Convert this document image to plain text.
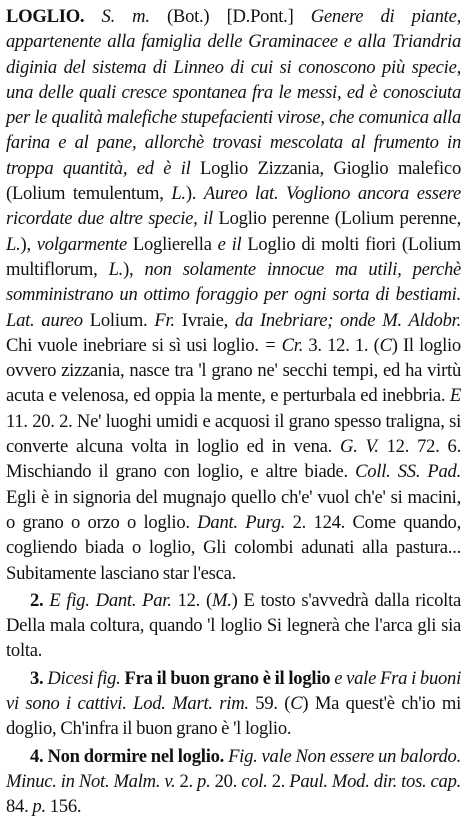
LOGLIO. S. m. (Bot.) [D.Pont.] Genere di piante, appartenente alla famiglia delle Graminacee e alla Triandria diginia del sistema di Linneo di cui si conoscono più specie, una delle quali cresce spontanea fra le messi, ed è conosciuta per le qualità malefiche stupefacienti virose, che comunica alla farina e al pane, allorchè trovasi mescolata al frumento in troppa quantità, ed è il Loglio Zizzania, Gioglio malefico (Lolium temulentum, L.). Aureo lat. Vogliono ancora essere ricordate due altre specie, il Loglio perenne (Lolium perenne, L.), volgarmente Loglierella e il Loglio di molti fiori (Lolium multiflorum, L.), non solamente innocue ma utili, perchè somministrano un ottimo foraggio per ogni sorta di bestiami. Lat. aureo Lolium. Fr. Ivraie, da Inebriare; onde M. Aldobr. Chi vuole inebriare si sì usi loglio. = Cr. 3. 12. 1. (C) Il loglio ovvero zizzania, nasce tra 'l grano ne' secchi tempi, ed ha virtù acuta e velenosa, ed oppia la mente, e perturbala ed inebbria. E 11. 20. 2. Ne' luoghi umidi e acquosi il grano spesso traligna, si converte alcuna volta in loglio ed in vena. G. V. 12. 72. 6. Mischiando il grano con loglio, e altre biade. Coll. SS. Pad. Egli è in signoria del mugnajo quello ch'e' vuol ch'e' si macini, o grano o orzo o loglio. Dant. Purg. 2. 124. Come quando, cogliendo biada o loglio, Gli colombi adunati alla pastura... Subitamente lasciano star l'esca.

2. E fig. Dant. Par. 12. (M.) E tosto s'avvedrà dalla ricolta Della mala coltura, quando 'l loglio Si legnerà che l'arca gli sia tolta.

3. Dicesi fig. Fra il buon grano è il loglio e vale Fra i buoni vi sono i cattivi. Lod. Mart. rim. 59. (C) Ma quest'è ch'io mi doglio, Ch'infra il buon grano è 'l loglio.

4. Non dormire nel loglio. Fig. vale Non essere un balordo. Minuc. in Not. Malm. v. 2. p. 20. col. 2. Paul. Mod. dir. tos. cap. 84. p. 156.
